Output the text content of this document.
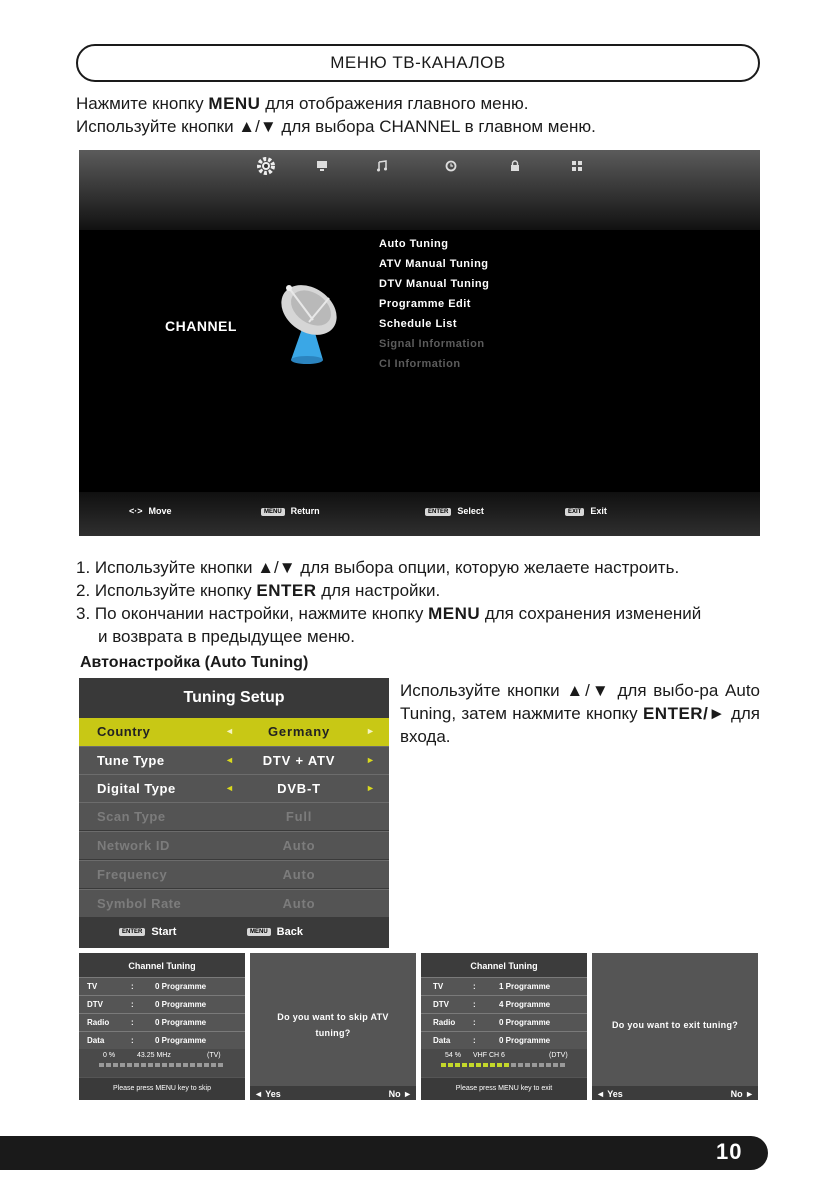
МЕНЮ ТВ-КАНАЛОВ
Нажмите кнопку MENU для отображения главного меню.
Используйте кнопки ▲/▼ для выбора CHANNEL в главном меню.
CHANNEL
Auto Tuning
ATV Manual Tuning
DTV Manual Tuning
Programme Edit
Schedule List
Signal Information
CI Information
<·> Move	MENU Return	ENTER Select	EXIT Exit
1. Используйте кнопки ▲/▼ для выбора опции, которую желаете настроить.
2. Используйте кнопку ENTER для настройки.
3. По окончании настройки, нажмите кнопку MENU для сохранения изменений
и возврата в предыдущее меню.
Автонастройка (Auto Tuning)
Tuning Setup
Country	◄	Germany	►
Tune Type	◄	DTV + ATV	►
Digital Type	◄	DVB-T	►
Scan Type	Full
Network ID	Auto
Frequency	Auto
Symbol Rate	Auto
ENTER Start	MENU Back
Используйте кнопки ▲/▼ для выбо-ра Auto Tuning, затем нажмите кнопку ENTER/► для входа.
Channel Tuning
TV	:	0 Programme
DTV	:	0 Programme
Radio	:	0 Programme
Data	:	0 Programme
0 %	43.25 MHz	(TV)
Please press MENU key to skip
Do you want to skip ATV tuning?
◄ Yes	No ►
Channel Tuning
TV	:	1 Programme
DTV	:	4 Programme
Radio :	0 Programme
Data	:	0 Programme
54 % VHF CH 6	(DTV)
Please press MENU key to exit
Do you want to exit tuning?
◄ Yes	No ►
10
